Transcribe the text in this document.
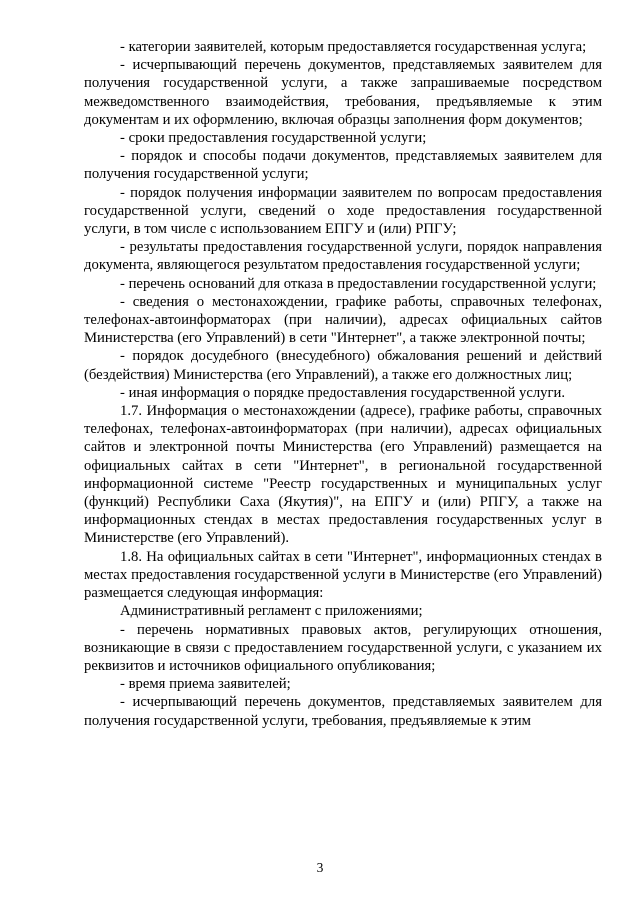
- категории заявителей, которым предоставляется государственная услуга;

- исчерпывающий перечень документов, представляемых заявителем для получения государственной услуги, а также запрашиваемые посредством межведомственного взаимодействия, требования, предъявляемые к этим документам и их оформлению, включая образцы заполнения форм документов;

- сроки предоставления государственной услуги;

- порядок и способы подачи документов, представляемых заявителем для получения государственной услуги;

- порядок получения информации заявителем по вопросам предоставления государственной услуги, сведений о ходе предоставления государственной услуги, в том числе с использованием ЕПГУ и (или) РПГУ;

- результаты предоставления государственной услуги, порядок направления документа, являющегося результатом предоставления государственной услуги;

- перечень оснований для отказа в предоставлении государственной услуги;

- сведения о местонахождении, графике работы, справочных телефонах, телефонах-автоинформаторах (при наличии), адресах официальных сайтов Министерства (его Управлений) в сети "Интернет", а также электронной почты;

- порядок досудебного (внесудебного) обжалования решений и действий (бездействия) Министерства (его Управлений), а также его должностных лиц;

- иная информация о порядке предоставления государственной услуги.

1.7. Информация о местонахождении (адресе), графике работы, справочных телефонах, телефонах-автоинформаторах (при наличии), адресах официальных сайтов и электронной почты Министерства (его Управлений) размещается на официальных сайтах в сети "Интернет", в региональной государственной информационной системе "Реестр государственных и муниципальных услуг (функций) Республики Саха (Якутия)", на ЕПГУ и (или) РПГУ, а также на информационных стендах в местах предоставления государственных услуг в Министерстве (его Управлений).

1.8. На официальных сайтах в сети "Интернет", информационных стендах в местах предоставления государственной услуги в Министерстве (его Управлений) размещается следующая информация:

Административный регламент с приложениями;

- перечень нормативных правовых актов, регулирующих отношения, возникающие в связи с предоставлением государственной услуги, с указанием их реквизитов и источников официального опубликования;

- время приема заявителей;

- исчерпывающий перечень документов, представляемых заявителем для получения государственной услуги, требования, предъявляемые к этим

3
